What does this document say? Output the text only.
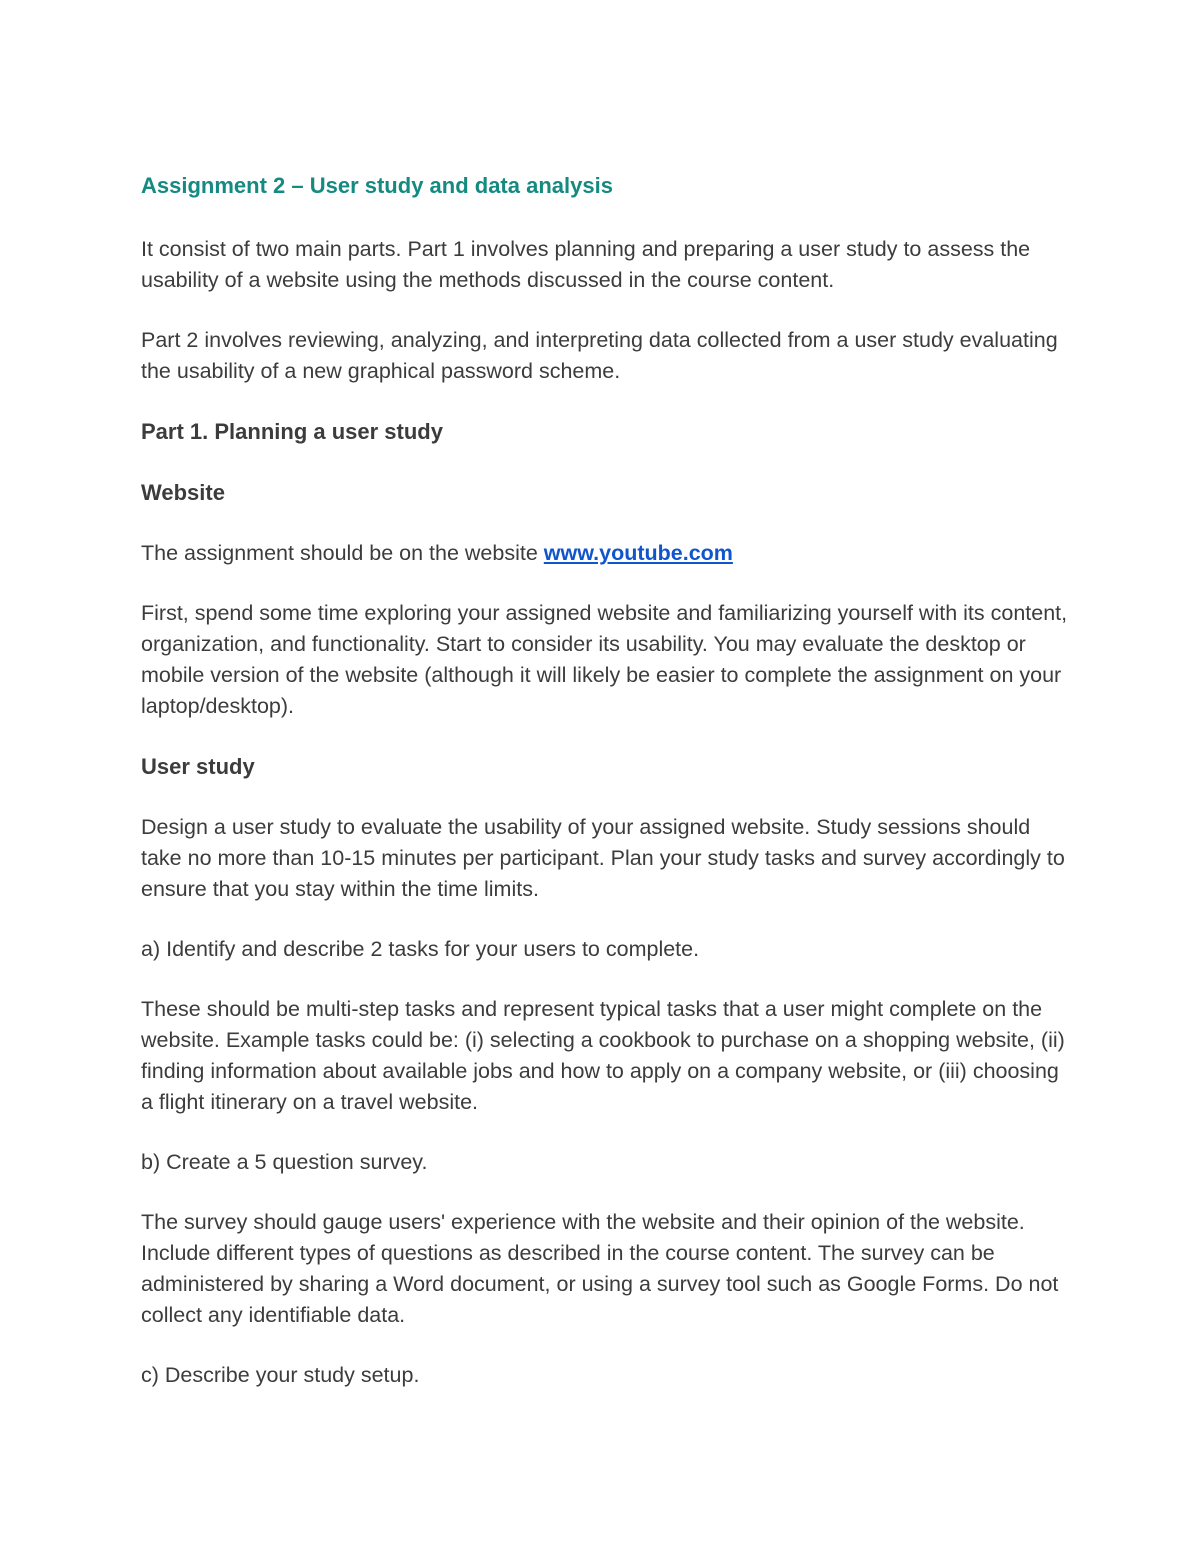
Assignment 2 – User study and data analysis

It consist of two main parts. Part 1 involves planning and preparing a user study to assess the usability of a website using the methods discussed in the course content.

Part 2 involves reviewing, analyzing, and interpreting data collected from a user study evaluating the usability of a new graphical password scheme.

Part 1. Planning a user study
Website

The assignment should be on the website www.youtube.com

First, spend some time exploring your assigned website and familiarizing yourself with its content, organization, and functionality. Start to consider its usability. You may evaluate the desktop or mobile version of the website (although it will likely be easier to complete the assignment on your laptop/desktop).

User study

Design a user study to evaluate the usability of your assigned website. Study sessions should take no more than 10-15 minutes per participant. Plan your study tasks and survey accordingly to ensure that you stay within the time limits.

a) Identify and describe 2 tasks for your users to complete.

These should be multi-step tasks and represent typical tasks that a user might complete on the website. Example tasks could be: (i) selecting a cookbook to purchase on a shopping website, (ii) finding information about available jobs and how to apply on a company website, or (iii) choosing a flight itinerary on a travel website.

b) Create a 5 question survey.

The survey should gauge users' experience with the website and their opinion of the website. Include different types of questions as described in the course content. The survey can be administered by sharing a Word document, or using a survey tool such as Google Forms. Do not collect any identifiable data.

c) Describe your study setup.
